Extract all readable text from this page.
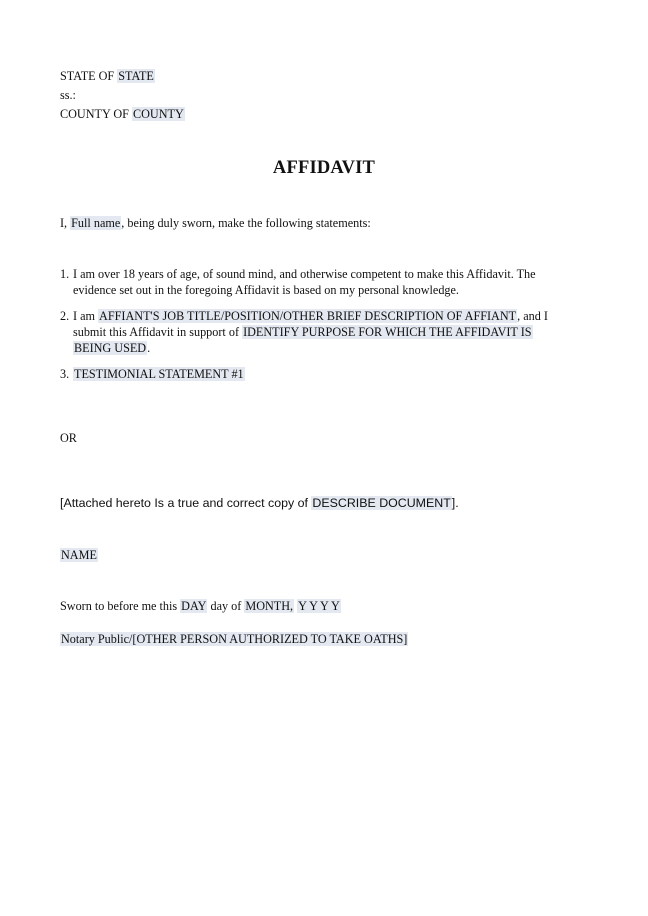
STATE OF STATE
ss.:
COUNTY OF COUNTY
AFFIDAVIT
I, Full name, being duly sworn, make the following statements:
1. I am over 18 years of age, of sound mind, and otherwise competent to make this Affidavit. The
evidence set out in the foregoing Affidavit is based on my personal knowledge.
2. I am AFFIANT'S JOB TITLE/POSITION/OTHER BRIEF DESCRIPTION OF AFFIANT, and I
submit this Affidavit in support of IDENTIFY PURPOSE FOR WHICH THE AFFIDAVIT IS
BEING USED.
3. TESTIMONIAL STATEMENT #1
OR
[Attached hereto Is a true and correct copy of DESCRIBE DOCUMENT].
NAME
Sworn to before me this DAY day of MONTH, Y Y Y Y
Notary Public/[OTHER PERSON AUTHORIZED TO TAKE OATHS]
